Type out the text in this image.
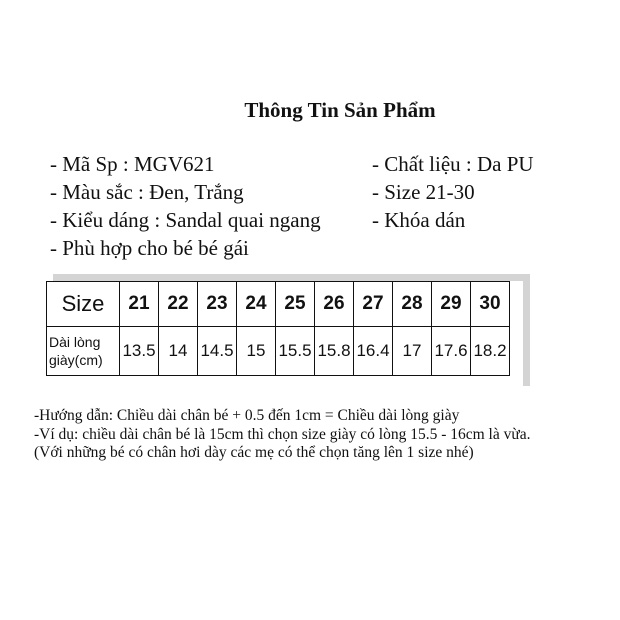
Thông Tin Sản Phẩm
- Mã Sp : MGV621	- Chất liệu : Da PU
- Màu sắc : Đen, Trắng	- Size 21-30
- Kiểu dáng : Sandal quai ngang - Khóa dán
- Phù hợp cho bé bé gái
Size	21	22	23	24	25	26	27	28	29	30

Dài lòng
giày(cm)	13.5	14	14.5	15	15.5	15.8	16.4	17	17.6	18.2

-Hướng dẫn: Chiều dài chân bé + 0.5 đến 1cm = Chiều dài lòng giày

-Ví dụ: chiều dài chân bé là 15cm thì chọn size giày có lòng 15.5 - 16cm là vừa.

(Với những bé có chân hơi dày các mẹ có thể chọn tăng lên 1 size nhé)
